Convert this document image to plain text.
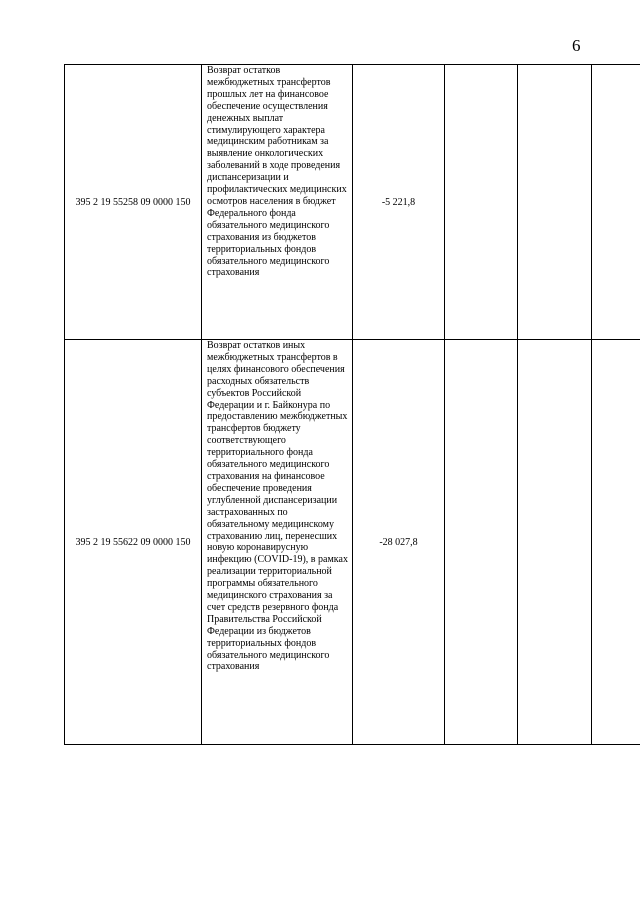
6
395 2 19 55258 09 0000 150	Возврат остатков межбюджетных трансфертов прошлых лет на финансовое обеспечение осуществления денежных выплат стимулирующего характера медицинским работникам за выявление онкологических заболеваний в ходе проведения диспансеризации и профилактических медицинских осмотров населения в бюджет Федерального фонда обязательного медицинского страхования из бюджетов территориальных фондов обязательного медицинского страхования	-5 221,8			
395 2 19 55622 09 0000 150	Возврат остатков иных межбюджетных трансфертов в целях финансового обеспечения расходных обязательств субъектов Российской Федерации и г. Байконура по предоставлению межбюджетных трансфертов бюджету соответствующего территориального фонда обязательного медицинского страхования на финансовое обеспечение проведения углубленной диспансеризации застрахованных по обязательному медицинскому страхованию лиц, перенесших новую коронавирусную инфекцию (COVID-19), в рамках реализации территориальной программы обязательного медицинского страхования за счет средств резервного фонда Правительства Российской Федерации из бюджетов территориальных фондов обязательного медицинского страхования	-28 027,8			
